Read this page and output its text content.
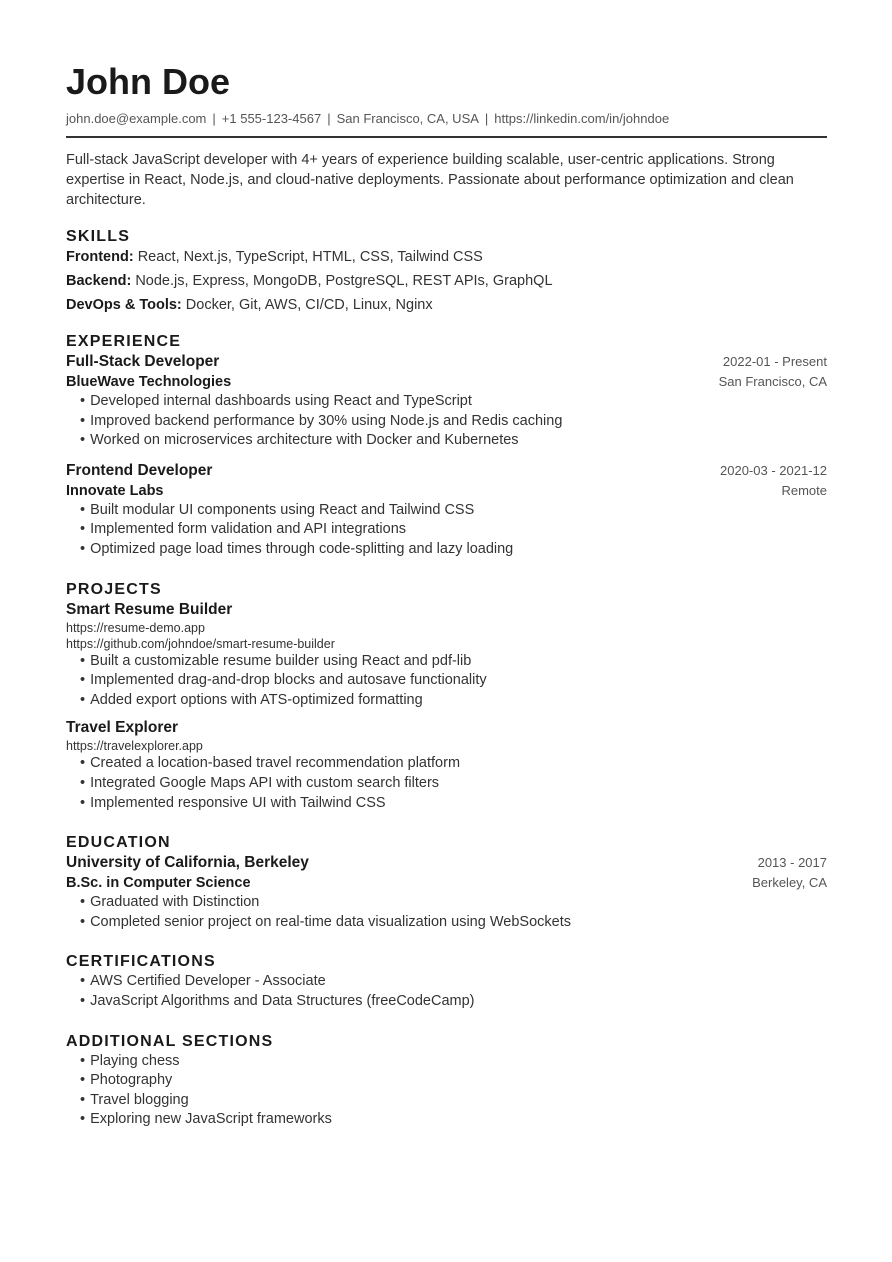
John Doe
john.doe@example.com | +1 555-123-4567 | San Francisco, CA, USA | https://linkedin.com/in/johndoe
Full-stack JavaScript developer with 4+ years of experience building scalable, user-centric applications. Strong expertise in React, Node.js, and cloud-native deployments. Passionate about performance optimization and clean architecture.
SKILLS
Frontend: React, Next.js, TypeScript, HTML, CSS, Tailwind CSS
Backend: Node.js, Express, MongoDB, PostgreSQL, REST APIs, GraphQL
DevOps & Tools: Docker, Git, AWS, CI/CD, Linux, Nginx
EXPERIENCE
Full-Stack Developer	2022-01 - Present
BlueWave Technologies	San Francisco, CA
• Developed internal dashboards using React and TypeScript
• Improved backend performance by 30% using Node.js and Redis caching
• Worked on microservices architecture with Docker and Kubernetes
Frontend Developer	2020-03 - 2021-12
Innovate Labs	Remote
• Built modular UI components using React and Tailwind CSS
• Implemented form validation and API integrations
• Optimized page load times through code-splitting and lazy loading
PROJECTS
Smart Resume Builder
https://resume-demo.app
https://github.com/johndoe/smart-resume-builder
• Built a customizable resume builder using React and pdf-lib
• Implemented drag-and-drop blocks and autosave functionality
• Added export options with ATS-optimized formatting
Travel Explorer
https://travelexplorer.app
• Created a location-based travel recommendation platform
• Integrated Google Maps API with custom search filters
• Implemented responsive UI with Tailwind CSS
EDUCATION
University of California, Berkeley	2013 - 2017
B.Sc. in Computer Science	Berkeley, CA
• Graduated with Distinction
• Completed senior project on real-time data visualization using WebSockets
CERTIFICATIONS
• AWS Certified Developer - Associate
• JavaScript Algorithms and Data Structures (freeCodeCamp)
ADDITIONAL SECTIONS
• Playing chess
• Photography
• Travel blogging
• Exploring new JavaScript frameworks
